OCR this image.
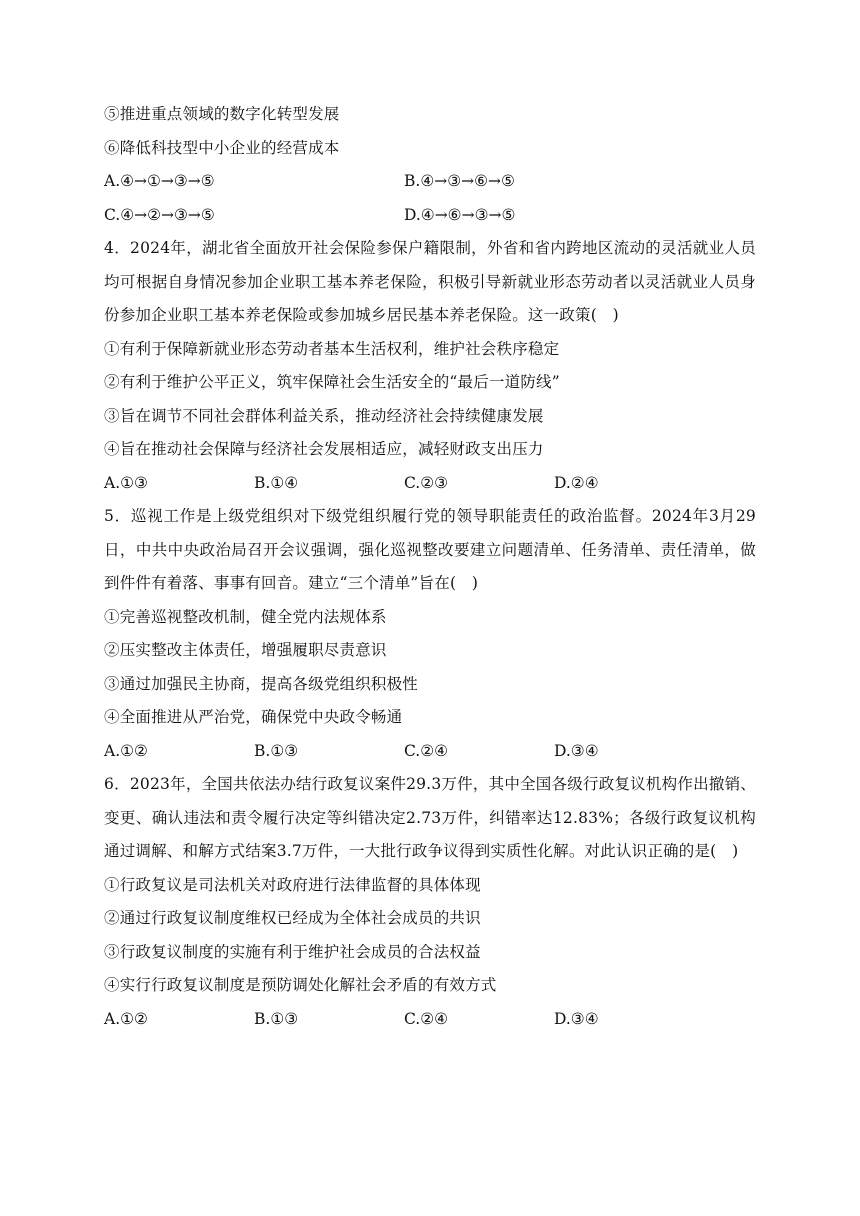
⑤推进重点领域的数字化转型发展
⑥降低科技型中小企业的经营成本
A.④→①→③→⑤	B.④→③→⑥→⑤
C.④→②→③→⑤	D.④→⑥→③→⑤
4．2024年，湖北省全面放开社会保险参保户籍限制，外省和省内跨地区流动的灵活就业人员均可根据自身情况参加企业职工基本养老保险，积极引导新就业形态劳动者以灵活就业人员身份参加企业职工基本养老保险或参加城乡居民基本养老保险。这一政策(　)
①有利于保障新就业形态劳动者基本生活权利，维护社会秩序稳定
②有利于维护公平正义，筑牢保障社会生活安全的“最后一道防线”
③旨在调节不同社会群体利益关系，推动经济社会持续健康发展
④旨在推动社会保障与经济社会发展相适应，减轻财政支出压力
A.①③	B.①④	C.②③	D.②④
5．巡视工作是上级党组织对下级党组织履行党的领导职能责任的政治监督。2024年3月29日，中共中央政治局召开会议强调，强化巡视整改要建立问题清单、任务清单、责任清单，做到件件有着落、事事有回音。建立“三个清单”旨在(　)
①完善巡视整改机制，健全党内法规体系
②压实整改主体责任，增强履职尽责意识
③通过加强民主协商，提高各级党组织积极性
④全面推进从严治党，确保党中央政令畅通
A.①②	B.①③	C.②④	D.③④
6．2023年，全国共依法办结行政复议案件29.3万件，其中全国各级行政复议机构作出撤销、变更、确认违法和责令履行决定等纠错决定2.73万件，纠错率达12.83%；各级行政复议机构通过调解、和解方式结案3.7万件，一大批行政争议得到实质性化解。对此认识正确的是(　)
①行政复议是司法机关对政府进行法律监督的具体体现
②通过行政复议制度维权已经成为全体社会成员的共识
③行政复议制度的实施有利于维护社会成员的合法权益
④实行行政复议制度是预防调处化解社会矛盾的有效方式
A.①②	B.①③	C.②④	D.③④
